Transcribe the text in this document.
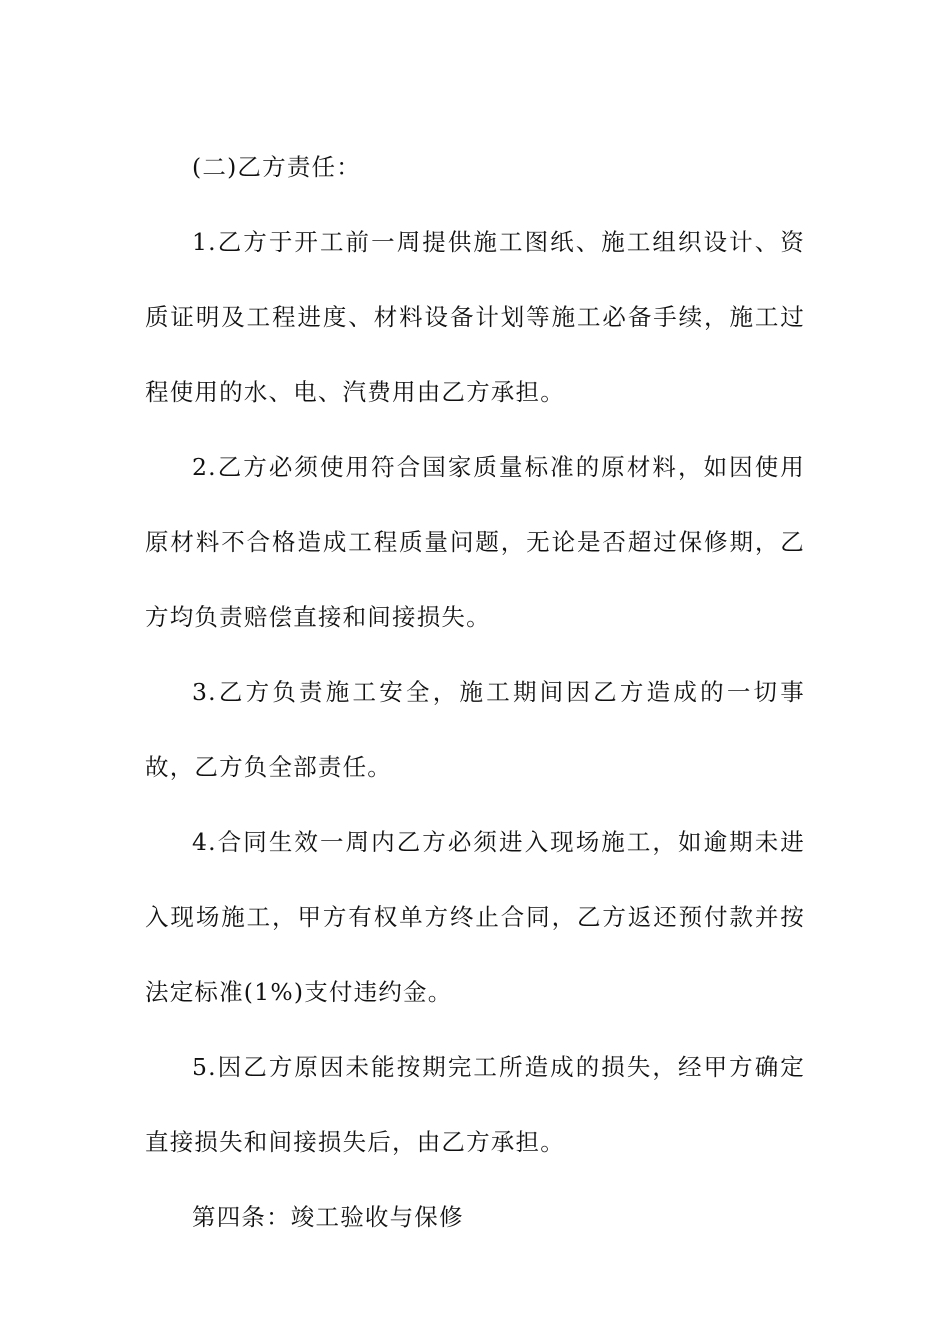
(二)乙方责任：

1.乙方于开工前一周提供施工图纸、施工组织设计、资质证明及工程进度、材料设备计划等施工必备手续，施工过程使用的水、电、汽费用由乙方承担。

2.乙方必须使用符合国家质量标准的原材料，如因使用原材料不合格造成工程质量问题，无论是否超过保修期，乙方均负责赔偿直接和间接损失。

3.乙方负责施工安全，施工期间因乙方造成的一切事故，乙方负全部责任。

4.合同生效一周内乙方必须进入现场施工，如逾期未进入现场施工，甲方有权单方终止合同，乙方返还预付款并按法定标准(1%)支付违约金。

5.因乙方原因未能按期完工所造成的损失，经甲方确定直接损失和间接损失后，由乙方承担。

第四条：竣工验收与保修
